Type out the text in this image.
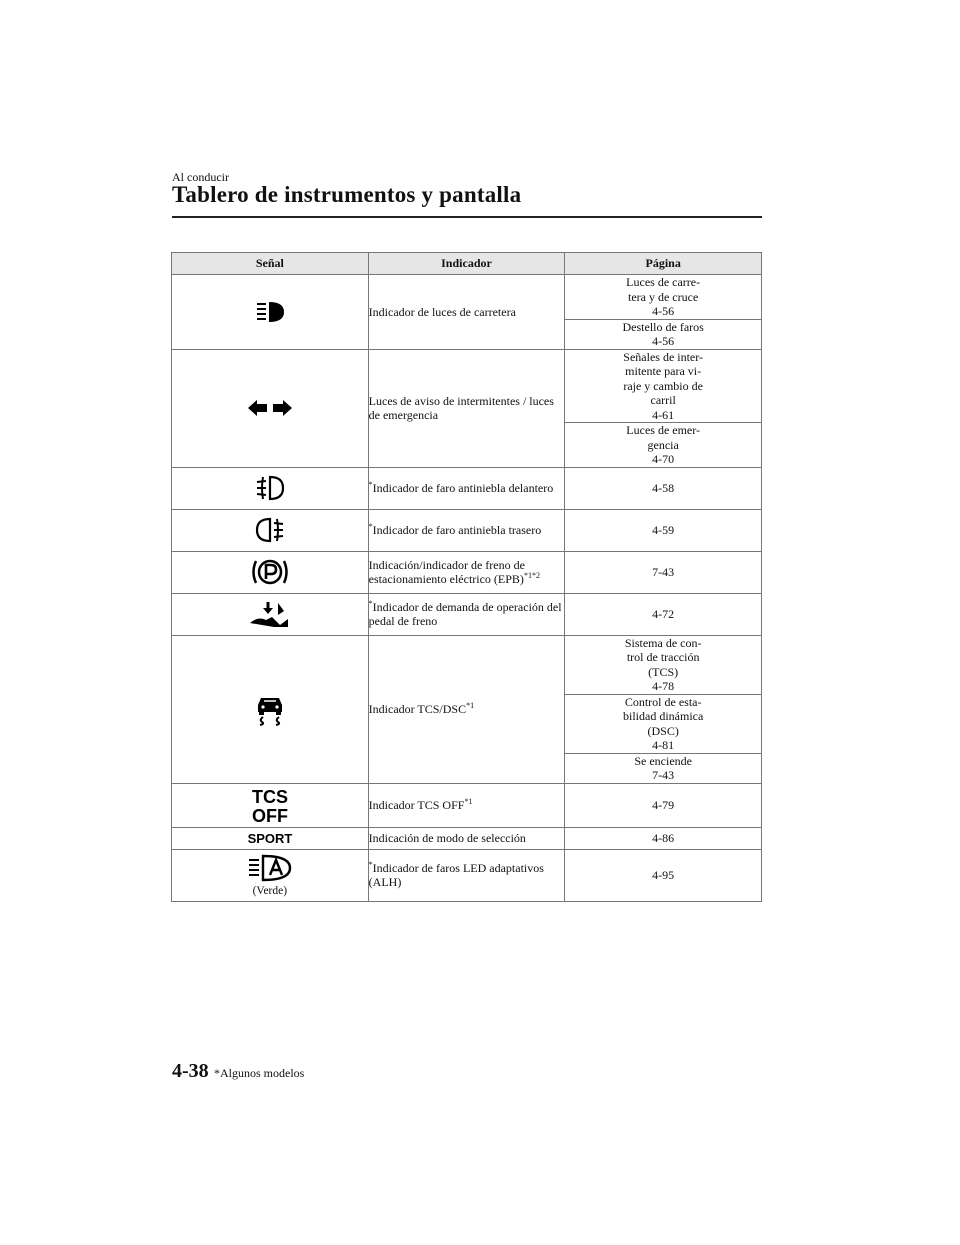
Al conducir
Tablero de instrumentos y pantalla
Señal	Indicador	Página

	Indicador de luces de carretera	Luces de carre-
tera y de cruce
4-56

		Destello de faros
4-56

	Luces de aviso de intermitentes / luces de emergencia	Señales de inter-
mitente para vi-
raje y cambio de
carril
4-61

		Luces de emer-
gencia
4-70

	*Indicador de faro antiniebla delantero	4-58

	*Indicador de faro antiniebla trasero	4-59

	Indicación/indicador de freno de estacionamiento eléctrico (EPB)$^{*1*2}$	7-43

	*Indicador de demanda de operación del pedal de freno	4-72

	Indicador TCS/DSC$^{*1}$	Sistema de con-
trol de tracción
(TCS)
4-78

		Control de esta-
bilidad dinámica
(DSC)
4-81

		Se enciende
7-43

TCS
OFF	Indicador TCS OFF$^{*1}$	4-79

SPORT	Indicación de modo de selección	4-86

(Verde)	*Indicador de faros LED adaptativos (ALH)	4-95
4-38 *Algunos modelos
